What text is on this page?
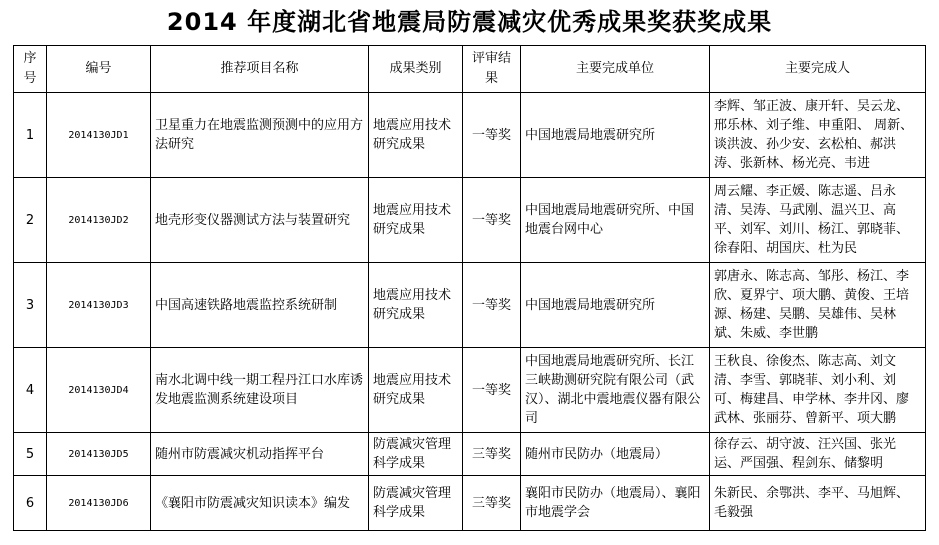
2014 年度湖北省地震局防震减灾优秀成果奖获奖成果
序号	编号	推荐项目名称	成果类别	评审结果	主要完成单位	主要完成人
1	2014130JD1	卫星重力在地震监测预测中的应用方法研究	地震应用技术研究成果	一等奖	中国地震局地震研究所	李辉、邹正波、康开轩、吴云龙、邢乐林、刘子维、申重阳、 周新、谈洪波、孙少安、玄松柏、郝洪涛、张新林、杨光亮、韦进
2	2014130JD2	地壳形变仪器测试方法与装置研究	地震应用技术研究成果	一等奖	中国地震局地震研究所、中国地震台网中心	周云耀、李正媛、陈志遥、吕永清、吴涛、马武刚、温兴卫、高平、刘军、刘川、杨江、郭晓菲、徐春阳、胡国庆、杜为民
3	2014130JD3	中国高速铁路地震监控系统研制	地震应用技术研究成果	一等奖	中国地震局地震研究所	郭唐永、陈志高、邹彤、杨江、李欣、夏界宁、项大鹏、黄俊、王培源、杨建、吴鹏、吴雄伟、吴林斌、朱威、李世鹏
4	2014130JD4	南水北调中线一期工程丹江口水库诱发地震监测系统建设项目	地震应用技术研究成果	一等奖	中国地震局地震研究所、长江三峡勘测研究院有限公司（武汉）、湖北中震地震仪器有限公司	王秋良、徐俊杰、陈志高、刘文清、李雪、郭晓菲、刘小利、刘可、梅建昌、申学林、李井冈、廖武林、张丽芬、曾新平、项大鹏
5	2014130JD5	随州市防震减灾机动指挥平台	防震减灾管理科学成果	三等奖	随州市民防办（地震局）	徐存云、胡守波、汪兴国、张光运、严国强、程剑东、储黎明
6	2014130JD6	《襄阳市防震减灾知识读本》编发	防震减灾管理科学成果	三等奖	襄阳市民防办（地震局）、襄阳市地震学会	朱新民、余鄂洪、李平、马旭辉、毛毅强
